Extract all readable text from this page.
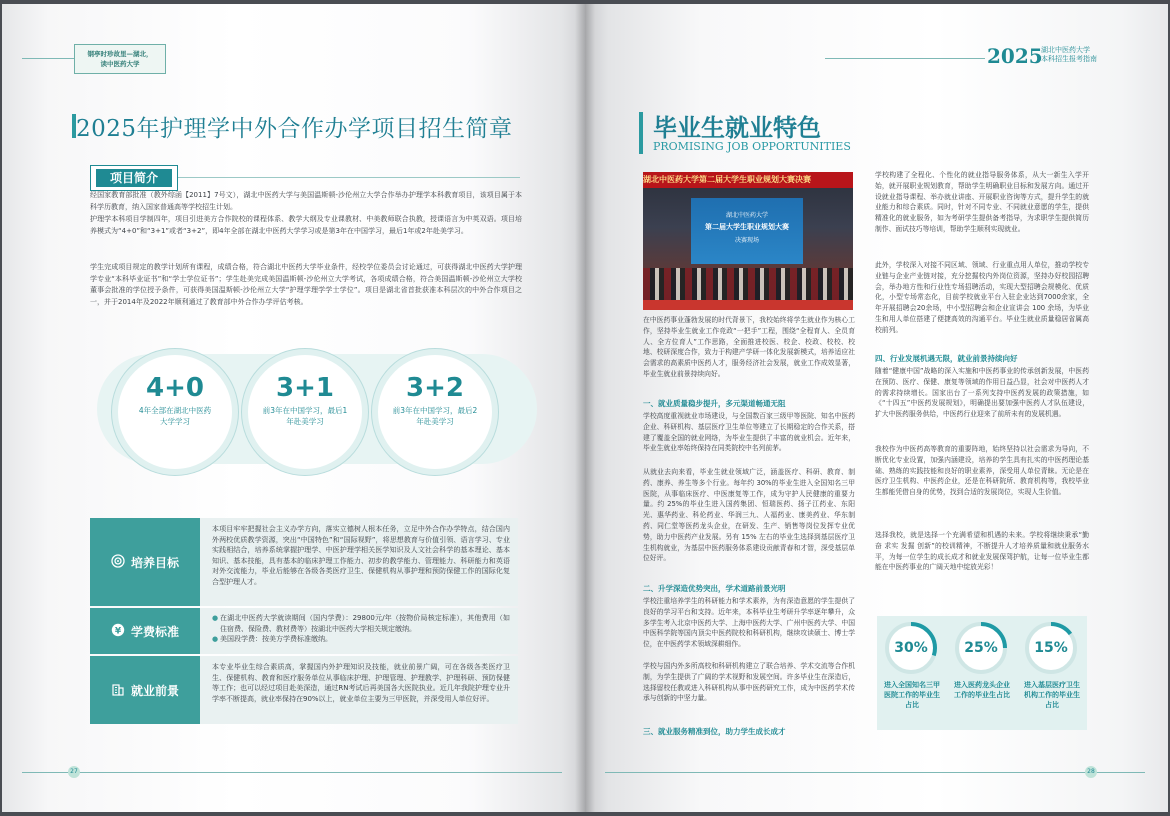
钢亭时珍故里—湖北，
读中医药大学
2025年护理学中外合作办学项目招生简章
项目简介
经国家教育部批准（教外综函【2011】7号文），湖北中医药大学与美国温斯顿-沙伦州立大学合作举办护理学本科教育项目，该项目属于本科学历教育，纳入国家普通高等学校招生计划。
护理学本科项目学制四年，项目引进美方合作院校的课程体系、教学大纲及专业课教材、中美教师联合执教，授课语言为中英双语。项目培养模式为“4+0”和“3+1”或者“3+2”，即4年全部在湖北中医药大学学习或是第3年在中国学习，最后1年或2年赴美学习。
学生完成项目规定的教学计划所有课程，成绩合格，符合湖北中医药大学毕业条件，经校学位委员会讨论通过，可获得湖北中医药大学护理学专业“本科毕业证书”和“学士学位证书”；学生赴美完成美国温斯顿-沙伦州立大学考试，各项成绩合格，符合美国温斯顿-沙伦州立大学校董事会批准的学位授予条件，可获得美国温斯顿-沙伦州立大学“护理学理学学士学位”。项目是湖北省首批获准本科层次的中外合作项目之一，并于2014年及2022年顺利通过了教育部中外合作办学评估考核。
4+0
4年全部在湖北中医药大学学习
3+1
前3年在中国学习，最后1年赴美学习
3+2
前3年在中国学习，最后2年赴美学习
培养目标
本项目牢牢把握社会主义办学方向，落实立德树人根本任务，立足中外合作办学特点，结合国内外两校优质教学资源，突出“中国特色”和“国际视野”，将思想教育与价值引领、语言学习、专业实践相结合，培养系统掌握护理学、中医护理学相关医学知识及人文社会科学的基本理论、基本知识、基本技能，具有基本的临床护理工作能力、初步的教学能力、管理能力、科研能力和英语对外交流能力，毕业后能够在各级各类医疗卫生、保健机构从事护理和预防保健工作的国际化复合型护理人才。
¥ 学费标准
● 在湖北中医药大学就读期间（国内学费）：29800元/年（按物价局核定标准），其他费用（如住宿费、保险费、教材费等）按湖北中医药大学相关规定缴纳。
● 美国段学费：按美方学费标准缴纳。
就业前景
本专业毕业生综合素质高，掌握国内外护理知识及技能，就业前景广阔，可在各级各类医疗卫生、保健机构、教育和医疗服务单位从事临床护理、护理管理、护理教学、护理科研、预防保健等工作；也可以经过项目赴美深造，通过RN考试后再美国各大医院执业。近几年我院护理专业升学率不断提高，就业率保持在90%以上，就业单位主要为三甲医院，并深受用人单位好评。
27
2025
湖北中医药大学
本科招生报考指南
毕业生就业特色
PROMISING JOB OPPORTUNITIES
湖北中医药大学第二届大学生职业规划大赛决赛
湖北中医药大学
第二届大学生职业规划大赛
决赛现场
在中医药事业蓬勃发展的时代背景下，我校始终将学生就业作为核心工作，坚持毕业生就业工作竞政“一把手”工程，围绕“全程育人、全员育人、全方位育人”工作思路，全面推进校医、校企、校政、校校、校地、校研深度合作，致力于构建产学研一体化发展新模式，培养适应社会需求的高素质中医药人才，服务经济社会发展，就业工作成效显著，毕业生就业前景持续向好。
一、就业质量稳步提升，多元渠道畅通无阻
学校高度重视就业市场建设，与全国数百家三级甲等医院、知名中医药企业、科研机构、基层医疗卫生单位等建立了长期稳定的合作关系，搭建了覆盖全国的就业网络，为毕业生提供了丰富的就业机会。近年来，毕业生就业率始终保持在同类院校中名列前茅。
从就业去向来看，毕业生就业领域广泛，涵盖医疗、科研、教育、制药、康养、养生等多个行业。每年约 30%的毕业生进入全国知名三甲医院，从事临床医疗、中医康复等工作，成为守护人民健康的重要力量。约 25%的毕业生进入国药集团、恒瑞医药、扬子江药业、东阳光、惠华药业、科伦药业、华润三九、人福药业、康美药业、华东制药、同仁堂等医药龙头企业，在研发、生产、销售等岗位发挥专业优势，助力中医药产业发展。另有 15% 左右的毕业生选择到基层医疗卫生机构就业，为基层中医药服务体系建设贡献青春和才智，深受基层单位好评。
二、升学深造优势突出，学术道路前景光明
学校注重培养学生的科研能力和学术素养，为有深造意愿的学生提供了良好的学习平台和支持。近年来，本科毕业生考研升学率逐年攀升，众多学生考入北京中医药大学、上海中医药大学、广州中医药大学、中国中医科学院等国内顶尖中医药院校和科研机构，继续攻读硕士、博士学位，在中医药学术领域深耕细作。
学校与国内外多所高校和科研机构建立了联合培养、学术交流等合作机制，为学生提供了广阔的学术视野和发展空间。许多毕业生在深造后，选择留校任教或进入科研机构从事中医药研究工作，成为中医药学术传承与创新的中坚力量。
三、就业服务精准到位，助力学生成长成才
学校构建了全程化、个性化的就业指导服务体系，从大一新生入学开始，就开展职业规划教育，帮助学生明确职业目标和发展方向。通过开设就业指导课程、举办就业讲座、开展职业咨询等方式，提升学生的就业能力和综合素质。同时，针对不同专业、不同就业意愿的学生，提供精准化的就业服务，如为考研学生提供备考指导，为求职学生提供简历制作、面试技巧等培训，帮助学生顺利实现就业。
此外，学校深入对接不同区域、领域、行业重点用人单位，推动学校专业链与企业产业链对接，充分挖掘校内外岗位资源，坚持办好校园招聘会，举办地方性和行业性专场招聘活动，实现大型招聘会规模化、优质化，小型专场常态化，目前学校就业平台入驻企业达到7000余家，全年开展招聘会20余场，中小型招聘会和企业宣讲会 100 余场，为毕业生和用人单位搭建了便捷高效的沟通平台。毕业生就业质量稳居省属高校前列。
四、行业发展机遇无限，就业前景持续向好
随着“健康中国”战略的深入实施和中医药事业的传承创新发展，中医药在预防、医疗、保健、康复等领域的作用日益凸显，社会对中医药人才的需求持续增长。国家出台了一系列支持中医药发展的政策措施，如《“十四五”中医药发展规划》，明确提出要加强中医药人才队伍建设，扩大中医药服务供给，中医药行业迎来了前所未有的发展机遇。
我校作为中医药高等教育的重要阵地，始终坚持以社会需求为导向，不断优化专业设置，加强内涵建设，培养的学生具有扎实的中医药理论基础、熟练的实践技能和良好的职业素养，深受用人单位青睐。无论是在医疗卫生机构、中医药企业，还是在科研院所、教育机构等，我校毕业生都能凭借自身的优势，找到合适的发展岗位，实现人生价值。
选择我校，就是选择一个充满希望和机遇的未来。学校将继续秉承“勤奋 求实 发掘 创新”的校训精神，不断提升人才培养质量和就业服务水平，为每一位学生的成长成才和就业发展保驾护航，让每一位毕业生都能在中医药事业的广阔天地中绽放光彩！
30%
进入全国知名三甲医院工作的毕业生占比
25%
进入医药龙头企业工作的毕业生占比
15%
进入基层医疗卫生机构工作的毕业生占比
28
